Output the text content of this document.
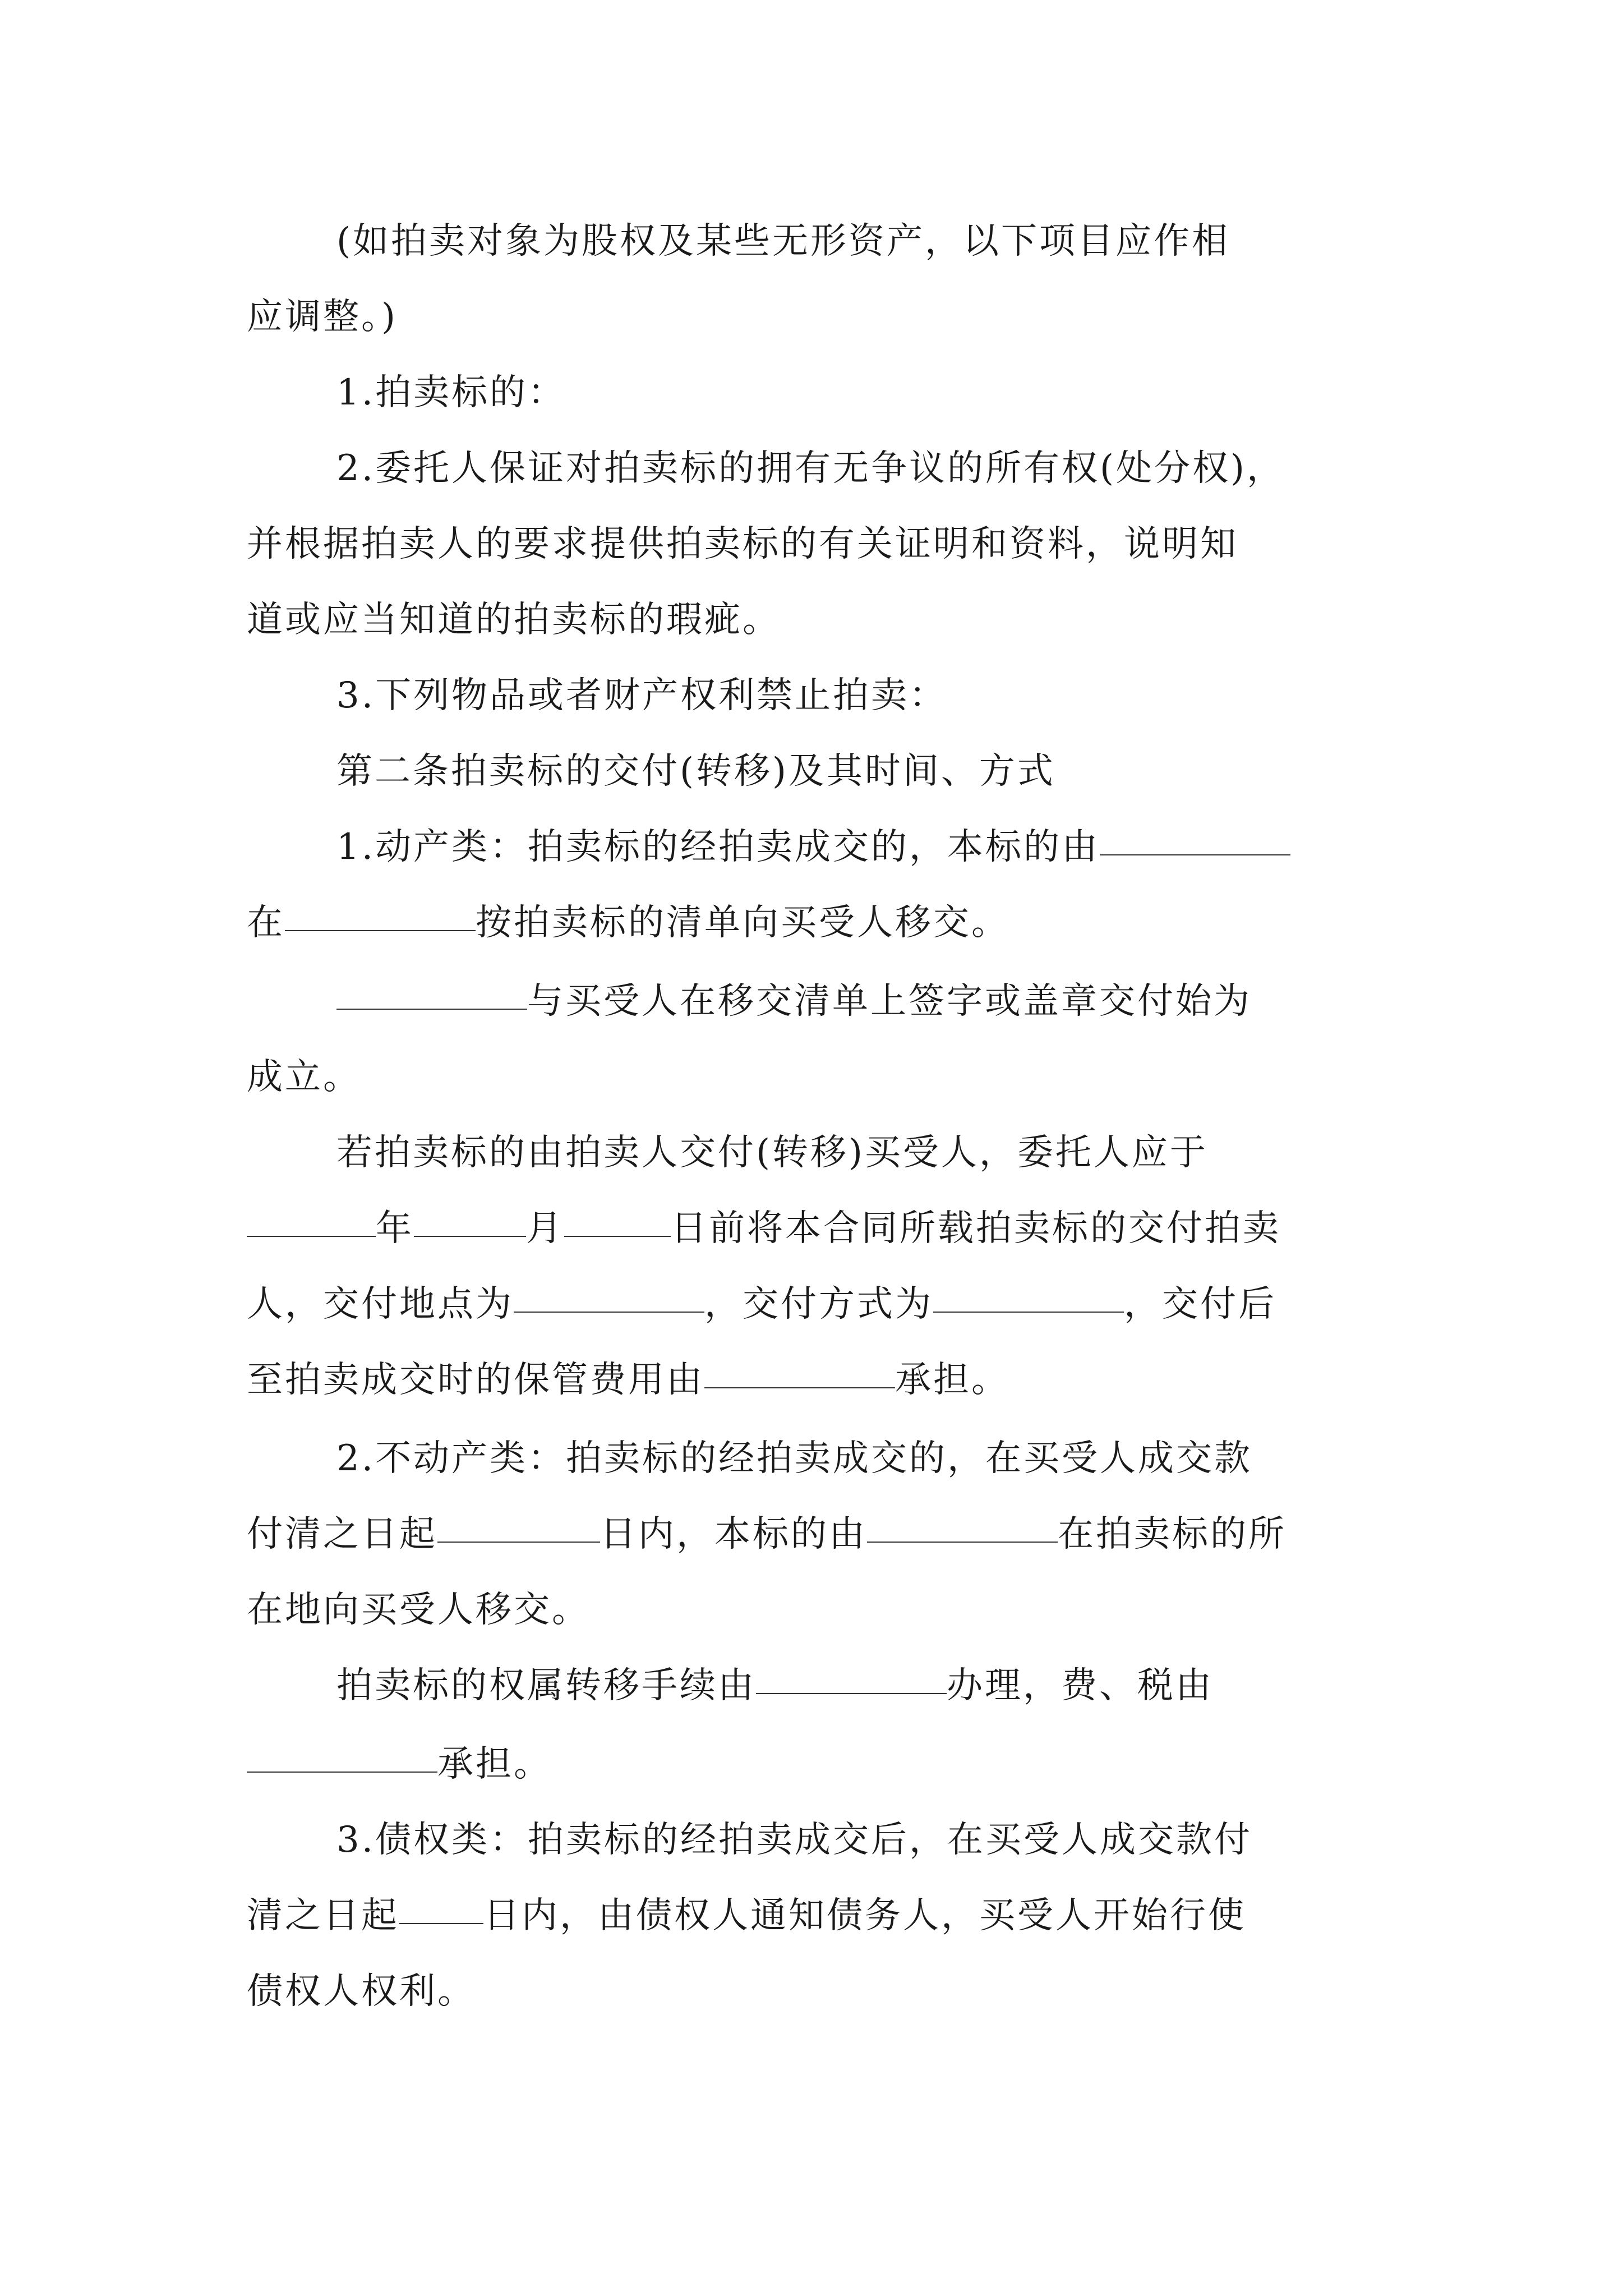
(如拍卖对象为股权及某些无形资产，以下项目应作相
应调整。)
1.拍卖标的：
2.委托人保证对拍卖标的拥有无争议的所有权(处分权)，
并根据拍卖人的要求提供拍卖标的有关证明和资料，说明知
道或应当知道的拍卖标的瑕疵。
3.下列物品或者财产权利禁止拍卖：
第二条拍卖标的交付(转移)及其时间、方式
1.动产类：拍卖标的经拍卖成交的，本标的由
在	按拍卖标的清单向买受人移交。
与买受人在移交清单上签字或盖章交付始为
成立。
若拍卖标的由拍卖人交付(转移)买受人，委托人应于
年	月	日前将本合同所载拍卖标的交付拍卖
人，交付地点为	，交付方式为	，交付后
至拍卖成交时的保管费用由	承担。
2.不动产类：拍卖标的经拍卖成交的，在买受人成交款
付清之日起	日内，本标的由	在拍卖标的所
在地向买受人移交。
拍卖标的权属转移手续由	办理，费、税由
承担。
3.债权类：拍卖标的经拍卖成交后，在买受人成交款付
清之日起 日内，由债权人通知债务人，买受人开始行使
债权人权利。
